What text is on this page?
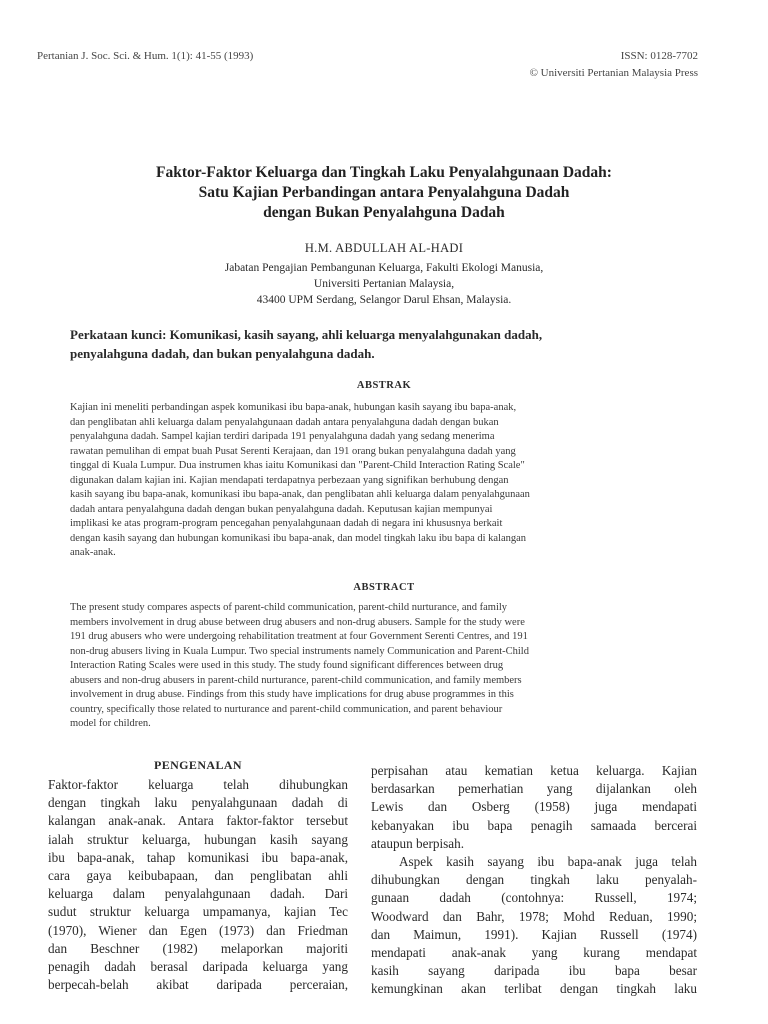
Pertanian J. Soc. Sci. & Hum. 1(1): 41-55 (1993)	ISSN: 0128-7702
© Universiti Pertanian Malaysia Press
Faktor-Faktor Keluarga dan Tingkah Laku Penyalahgunaan Dadah:
Satu Kajian Perbandingan antara Penyalahguna Dadah
dengan Bukan Penyalahguna Dadah
H.M. ABDULLAH AL-HADI
Jabatan Pengajian Pembangunan Keluarga, Fakulti Ekologi Manusia,
Universiti Pertanian Malaysia,
43400 UPM Serdang, Selangor Darul Ehsan, Malaysia.
Perkataan kunci: Komunikasi, kasih sayang, ahli keluarga menyalahgunakan dadah,
penyalahguna dadah, dan bukan penyalahguna dadah.
ABSTRAK
Kajian ini meneliti perbandingan aspek komunikasi ibu bapa-anak, hubungan kasih sayang ibu bapa-anak,
dan penglibatan ahli keluarga dalam penyalahgunaan dadah antara penyalahguna dadah dengan bukan
penyalahguna dadah. Sampel kajian terdiri daripada 191 penyalahguna dadah yang sedang menerima
rawatan pemulihan di empat buah Pusat Serenti Kerajaan, dan 191 orang bukan penyalahguna dadah yang
tinggal di Kuala Lumpur. Dua instrumen khas iaitu Komunikasi dan "Parent-Child Interaction Rating Scale"
digunakan dalam kajian ini. Kajian mendapati terdapatnya perbezaan yang signifikan berhubung dengan
kasih sayang ibu bapa-anak, komunikasi ibu bapa-anak, dan penglibatan ahli keluarga dalam penyalahgunaan
dadah antara penyalahguna dadah dengan bukan penyalahguna dadah. Keputusan kajian mempunyai
implikasi ke atas program-program pencegahan penyalahgunaan dadah di negara ini khususnya berkait
dengan kasih sayang dan hubungan komunikasi ibu bapa-anak, dan model tingkah laku ibu bapa di kalangan
anak-anak.
ABSTRACT
The present study compares aspects of parent-child communication, parent-child nurturance, and family
members involvement in drug abuse between drug abusers and non-drug abusers. Sample for the study were
191 drug abusers who were undergoing rehabilitation treatment at four Government Serenti Centres, and 191
non-drug abusers living in Kuala Lumpur. Two special instruments namely Communication and Parent-Child
Interaction Rating Scales were used in this study. The study found significant differences between drug
abusers and non-drug abusers in parent-child nurturance, parent-child communication, and family members
involvement in drug abuse. Findings from this study have implications for drug abuse programmes in this
country, specifically those related to nurturance and parent-child communication, and parent behaviour
model for children.
PENGENALAN
Faktor-faktor keluarga telah dihubungkan
dengan tingkah laku penyalahgunaan dadah di
kalangan anak-anak. Antara faktor-faktor tersebut
ialah struktur keluarga, hubungan kasih sayang
ibu bapa-anak, tahap komunikasi ibu bapa-anak,
cara gaya keibubapaan, dan penglibatan ahli
keluarga dalam penyalahgunaan dadah. Dari
sudut struktur keluarga umpamanya, kajian Tec
(1970), Wiener dan Egen (1973) dan Friedman
dan Beschner (1982) melaporkan majoriti
penagih dadah berasal daripada keluarga yang
berpecah-belah akibat daripada perceraian,
perpisahan atau kematian ketua keluarga. Kajian
berdasarkan pemerhatian yang dijalankan oleh
Lewis dan Osberg (1958) juga mendapati
kebanyakan ibu bapa penagih samaada bercerai
ataupun berpisah.
Aspek kasih sayang ibu bapa-anak juga telah
dihubungkan dengan tingkah laku penyalah-
gunaan dadah (contohnya: Russell, 1974;
Woodward dan Bahr, 1978; Mohd Reduan, 1990;
dan Maimun, 1991). Kajian Russell (1974)
mendapati anak-anak yang kurang mendapat
kasih sayang daripada ibu bapa besar
kemungkinan akan terlibat dengan tingkah laku
